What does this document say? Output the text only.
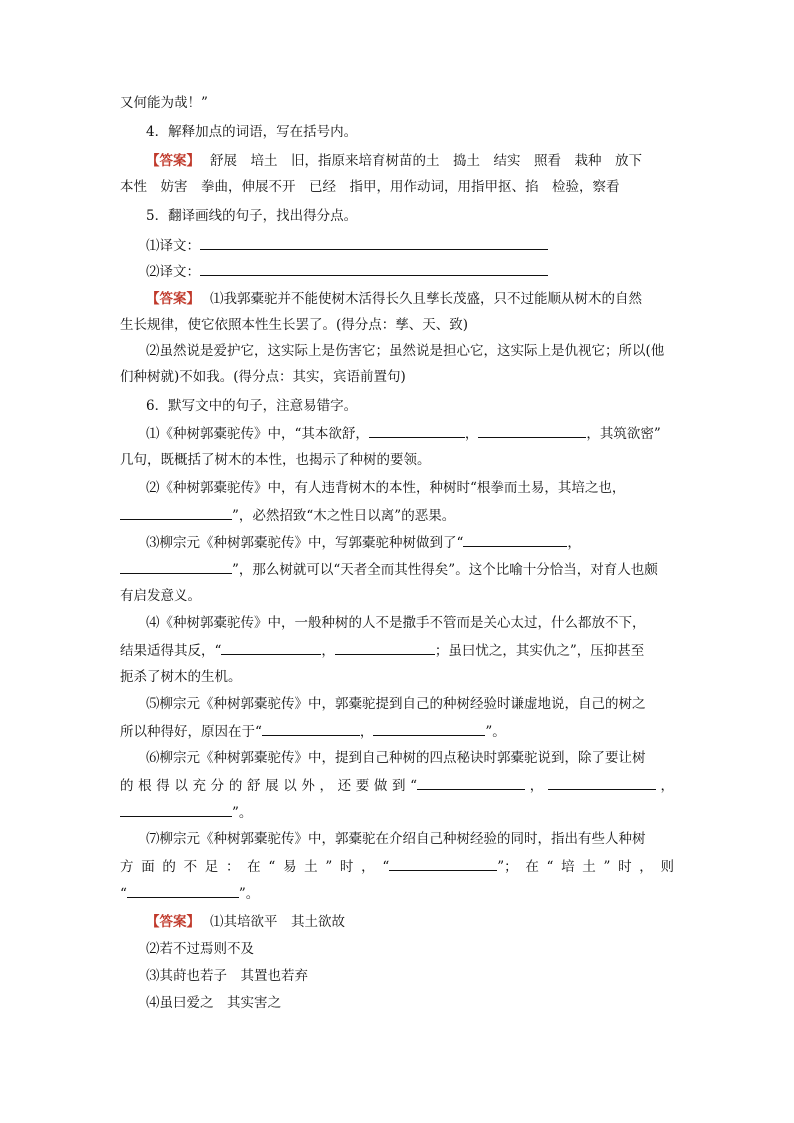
又何能为哉！”
4．解释加点的词语，写在括号内。
【答案】 舒展　培土　旧，指原来培育树苗的土　捣土　结实　照看　栽种　放下
本性　妨害　拳曲，伸展不开　已经　指甲，用作动词，用指甲抠、掐　检验，察看
5．翻译画线的句子，找出得分点。
⑴译文：
⑵译文：
【答案】 ⑴我郭橐驼并不能使树木活得长久且孳长茂盛，只不过能顺从树木的自然
生长规律，使它依照本性生长罢了。(得分点：孳、天、致)
⑵虽然说是爱护它，这实际上是伤害它；虽然说是担心它，这实际上是仇视它；所以(他
们种树就)不如我。(得分点：其实，宾语前置句)
6．默写文中的句子，注意易错字。
⑴《种树郭橐驼传》中，“其本欲舒，	，	，其筑欲密”
几句，既概括了树木的本性，也揭示了种树的要领。
⑵《种树郭橐驼传》中，有人违背树木的本性，种树时“根拳而土易，其培之也，
”，必然招致“木之性日以离”的恶果。
⑶柳宗元《种树郭橐驼传》中，写郭橐驼种树做到了“	，
”，那么树就可以“天者全而其性得矣”。这个比喻十分恰当，对育人也颇
有启发意义。
⑷《种树郭橐驼传》中，一般种树的人不是撒手不管而是关心太过，什么都放不下，
结果适得其反，“	，	；虽曰忧之，其实仇之”，压抑甚至
扼杀了树木的生机。
⑸柳宗元《种树郭橐驼传》中，郭橐驼提到自己的种树经验时谦虚地说，自己的树之
所以种得好，原因在于“	，	”。
⑹柳宗元《种树郭橐驼传》中，提到自己种树的四点秘诀时郭橐驼说到，除了要让树
的根得以充分的舒展以外，还要做到“	，	，
”。
⑺柳宗元《种树郭橐驼传》中，郭橐驼在介绍自己种树经验的同时，指出有些人种树
方面的不足：在“易土”时，“	”；在“培土”时，则
“	”。
【答案】 ⑴其培欲平　其土欲故
⑵若不过焉则不及
⑶其莳也若子　其置也若弃
⑷虽曰爱之　其实害之
